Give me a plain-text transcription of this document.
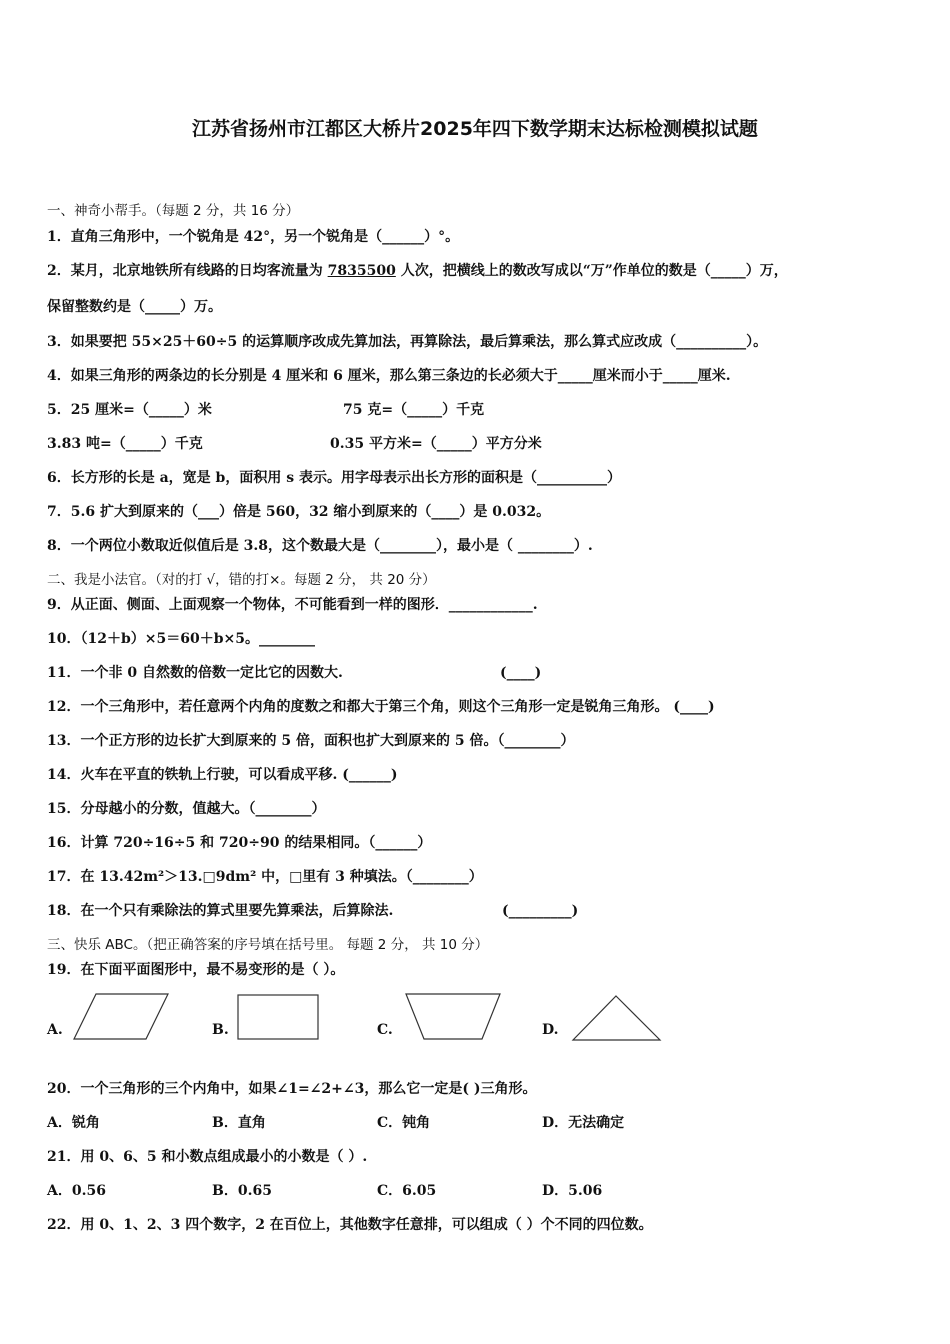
江苏省扬州市江都区大桥片2025年四下数学期末达标检测模拟试题
一、神奇小帮手。（每题 2 分，共 16 分）
1．直角三角形中，一个锐角是 42°，另一个锐角是（______）°。
2．某月，北京地铁所有线路的日均客流量为 7835500 人次，把横线上的数改写成以“万”作单位的数是（_____）万，
保留整数约是（_____）万。
3．如果要把 55×25＋60÷5 的运算顺序改成先算加法，再算除法，最后算乘法，那么算式应改成（__________）。
4．如果三角形的两条边的长分别是 4 厘米和 6 厘米，那么第三条边的长必须大于_____厘米而小于_____厘米.
5．25 厘米=（_____）米	75 克=（_____）千克
3.83 吨=（_____）千克	0.35 平方米=（_____）平方分米
6．长方形的长是 a，宽是 b，面积用 s 表示。用字母表示出长方形的面积是（__________）
7．5.6 扩大到原来的（___）倍是 560，32 缩小到原来的（____）是 0.032。
8．一个两位小数取近似值后是 3.8，这个数最大是（________），最小是（ ________）.
二、我是小法官。（对的打 √，错的打×。每题 2 分， 共 20 分）
9．从正面、侧面、上面观察一个物体，不可能看到一样的图形．____________.
10．（12＋b）×5＝60＋b×5。________
11．一个非 0 自然数的倍数一定比它的因数大.	(____)
12．一个三角形中，若任意两个内角的度数之和都大于第三个角，则这个三角形一定是锐角三角形。 (____)
13．一个正方形的边长扩大到原来的 5 倍，面积也扩大到原来的 5 倍。（________）
14．火车在平直的铁轨上行驶，可以看成平移. (______)
15．分母越小的分数，值越大。（________）
16．计算 720÷16÷5 和 720÷90 的结果相同。（______）
17．在 13.42m²＞13.□9dm² 中，□里有 3 种填法。（________）
18．在一个只有乘除法的算式里要先算乘法，后算除法.	(_________)
三、快乐 ABC。（把正确答案的序号填在括号里。 每题 2 分， 共 10 分）
19．在下面平面图形中，最不易变形的是（ ）。
A.	B.	C.	D.
20．一个三角形的三个内角中，如果∠1=∠2+∠3，那么它一定是( )三角形。
A．锐角	B．直角	C．钝角	D．无法确定
21．用 0、6、5 和小数点组成最小的小数是（ ）.
A．0.56	B．0.65	C．6.05	D．5.06
22．用 0、1、2、3 四个数字，2 在百位上，其他数字任意排，可以组成（ ）个不同的四位数。
